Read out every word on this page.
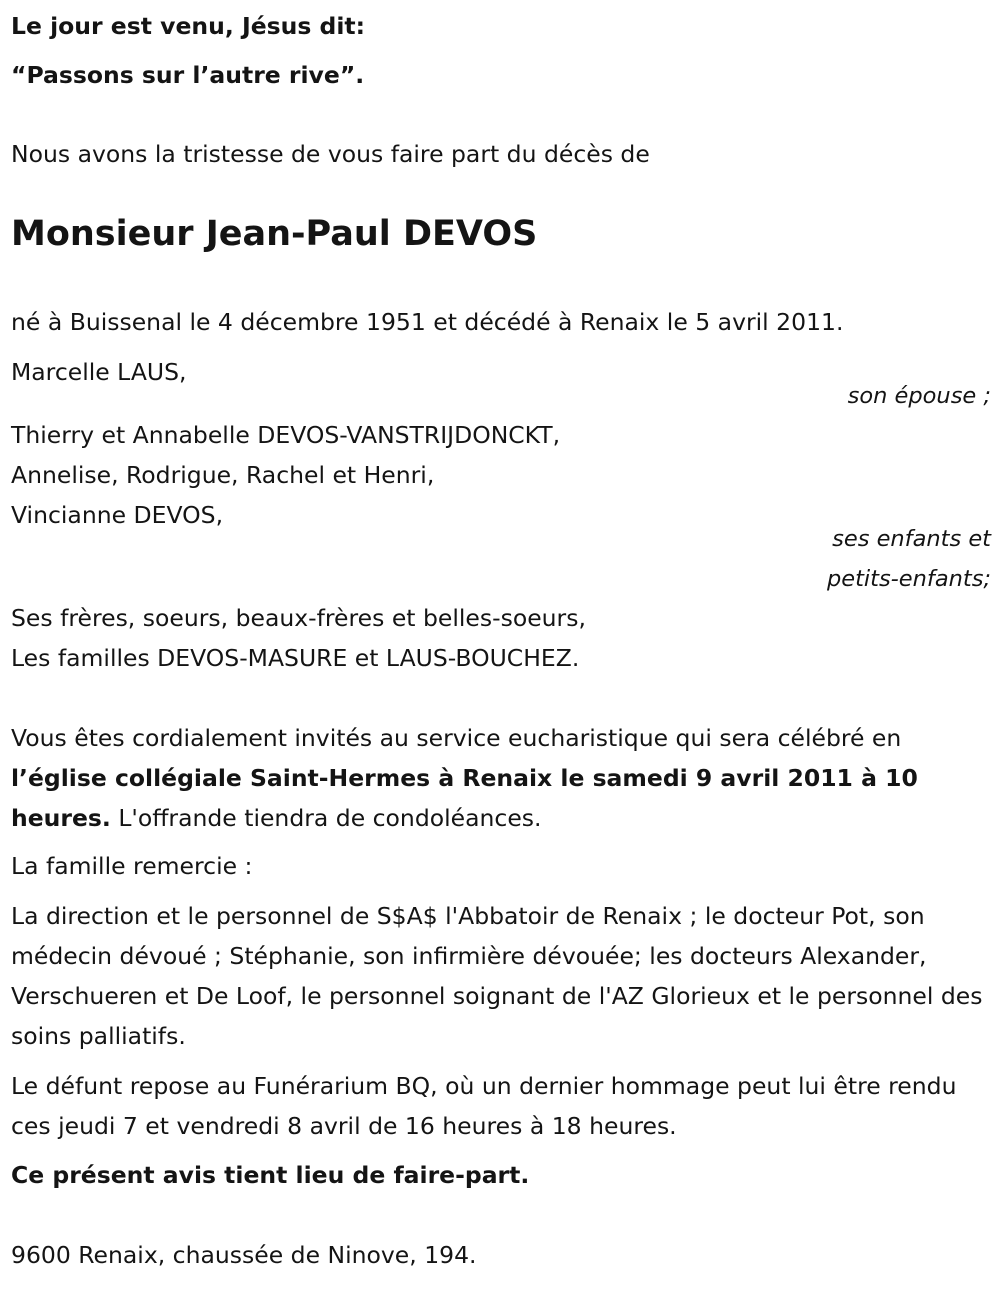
Le jour est venu, Jésus dit:
“Passons sur l’autre rive”.
Nous avons la tristesse de vous faire part du décès de
Monsieur Jean-Paul DEVOS
né à Buissenal le 4 décembre 1951 et décédé à Renaix le 5 avril 2011.
Marcelle LAUS,
son épouse ;
Thierry et Annabelle DEVOS-VANSTRIJDONCKT,
Annelise, Rodrigue, Rachel et Henri,
Vincianne DEVOS,
ses enfants et
petits-enfants;
Ses frères, soeurs, beaux-frères et belles-soeurs,
Les familles DEVOS-MASURE et LAUS-BOUCHEZ.
Vous êtes cordialement invités au service eucharistique qui sera célébré en l’église collégiale Saint-Hermes à Renaix le samedi 9 avril 2011 à 10 heures. L'offrande tiendra de condoléances.
La famille remercie :
La direction et le personnel de S$A$ l'Abbatoir de Renaix ; le docteur Pot, son médecin dévoué ; Stéphanie, son infirmière dévouée; les docteurs Alexander, Verschueren et De Loof, le personnel soignant de l'AZ Glorieux et le personnel des soins palliatifs.
Le défunt repose au Funérarium BQ, où un dernier hommage peut lui être rendu ces jeudi 7 et vendredi 8 avril de 16 heures à 18 heures.
Ce présent avis tient lieu de faire-part.
9600 Renaix, chaussée de Ninove, 194.
